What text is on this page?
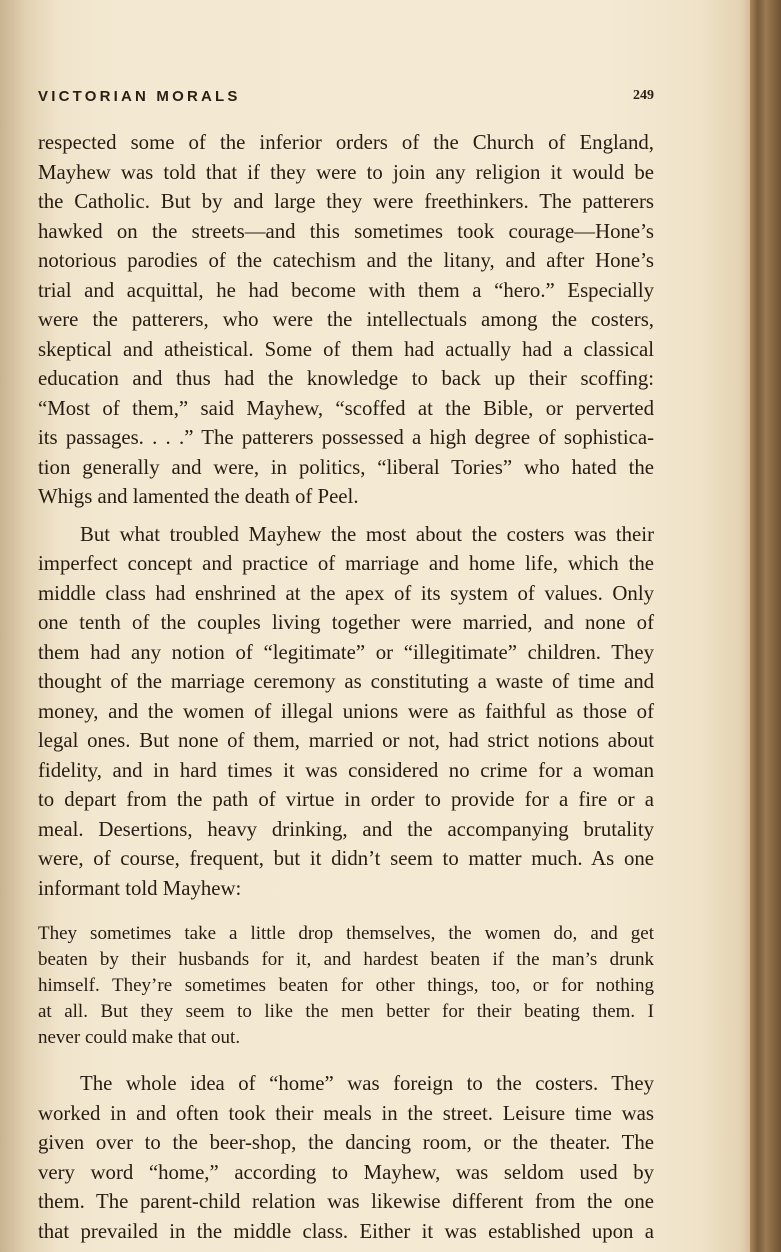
VICTORIAN MORALS	249

respected some of the inferior orders of the Church of England,
Mayhew was told that if they were to join any religion it would be
the Catholic. But by and large they were freethinkers. The patterers
hawked on the streets—and this sometimes took courage—Hone’s
notorious parodies of the catechism and the litany, and after Hone’s
trial and acquittal, he had become with them a “hero.” Especially
were the patterers, who were the intellectuals among the costers,
skeptical and atheistical. Some of them had actually had a classical
education and thus had the knowledge to back up their scoffing:
“Most of them,” said Mayhew, “scoffed at the Bible, or perverted
its passages. . . .” The patterers possessed a high degree of sophistica-
tion generally and were, in politics, “liberal Tories” who hated the
Whigs and lamented the death of Peel.

But what troubled Mayhew the most about the costers was their
imperfect concept and practice of marriage and home life, which the
middle class had enshrined at the apex of its system of values. Only
one tenth of the couples living together were married, and none of
them had any notion of “legitimate” or “illegitimate” children. They
thought of the marriage ceremony as constituting a waste of time and
money, and the women of illegal unions were as faithful as those of
legal ones. But none of them, married or not, had strict notions about
fidelity, and in hard times it was considered no crime for a woman
to depart from the path of virtue in order to provide for a fire or a
meal. Desertions, heavy drinking, and the accompanying brutality
were, of course, frequent, but it didn’t seem to matter much. As one
informant told Mayhew:

They sometimes take a little drop themselves, the women do, and get
beaten by their husbands for it, and hardest beaten if the man’s drunk
himself. They’re sometimes beaten for other things, too, or for nothing
at all. But they seem to like the men better for their beating them. I
never could make that out.

The whole idea of “home” was foreign to the costers. They
worked in and often took their meals in the street. Leisure time was
given over to the beer-shop, the dancing room, or the theater. The
very word “home,” according to Mayhew, was seldom used by
them. The parent-child relation was likewise different from the one
that prevailed in the middle class. Either it was established upon a
